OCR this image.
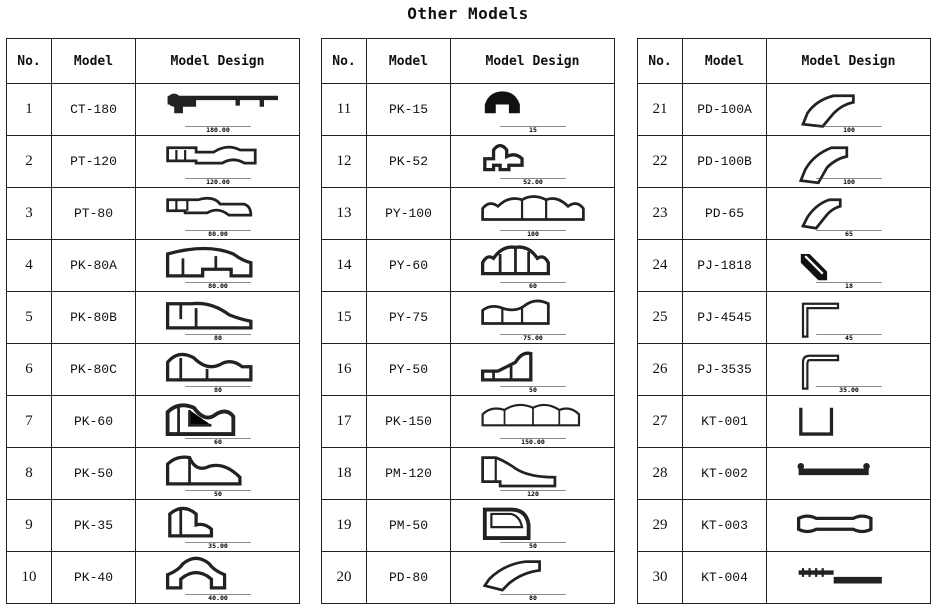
Other Models
No.	Model	Model Design
1	CT-180	180.00

2	PT-120	120.00

3	PT-80	80.00

4	PK-80A	80.00

5	PK-80B	80

6	PK-80C	80

7	PK-60	60

8	PK-50	50

9	PK-35	35.00

10	PK-40	40.00
No.	Model	Model Design
11	PK-15	15

12	PK-52	52.00

13	PY-100	100

14	PY-60	60

15	PY-75	75.00

16	PY-50	50

17	PK-150	150.00

18	PM-120	120

19	PM-50	50

20	PD-80	80
No.	Model	Model Design
21	PD-100A	100

22	PD-100B	100

23	PD-65	65

24	PJ-1818	18

25	PJ-4545	45

26	PJ-3535	35.00

27	KT-001	

28	KT-002	

29	KT-003	

30	KT-004	
